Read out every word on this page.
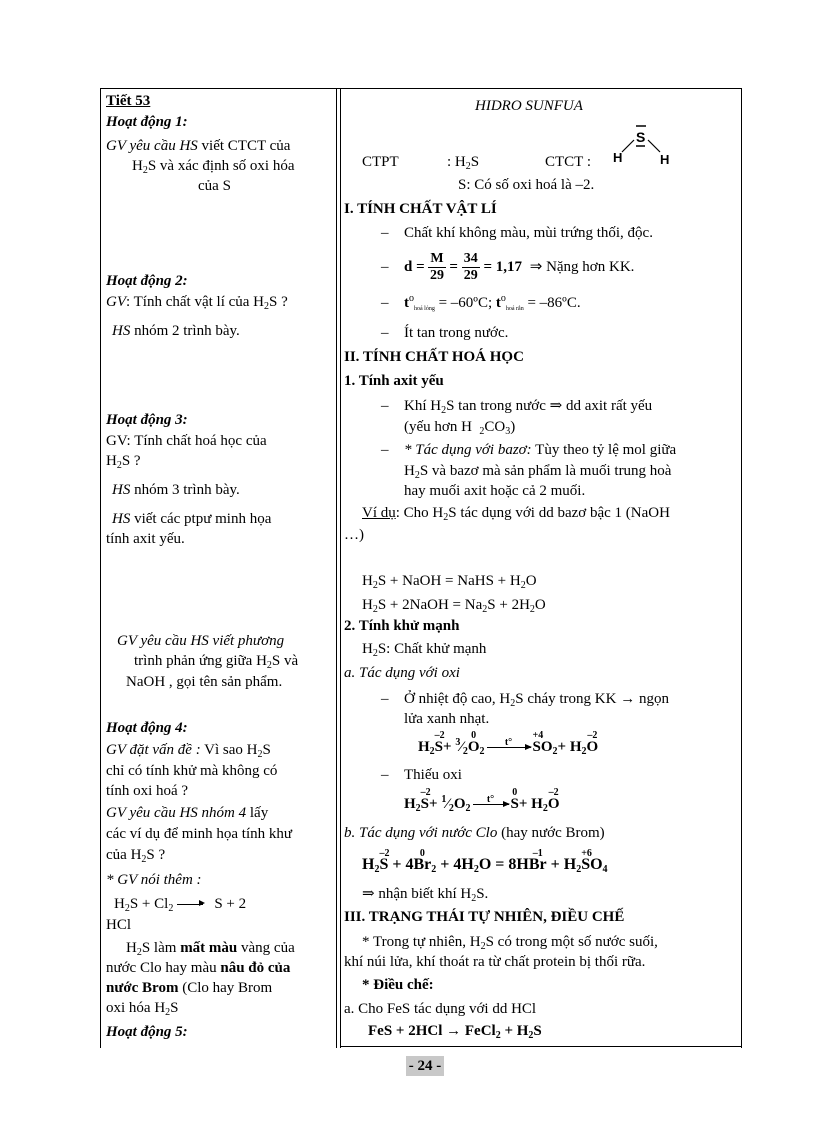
Tiết 53
Hoạt động 1:
GV yêu cầu HS viết CTCT của
$H_2S$ và xác định số oxi hóa
của S
Hoạt động 2:
GV: Tính chất vật lí của $H_2S$ ?
HS nhóm 2 trình bày.
Hoạt động 3:
GV: Tính chất hoá học của
$H_2S$ ?
HS nhóm 3 trình bày.
HS viết các ptpư minh họa
tính axit yếu.
GV yêu cầu HS viết phương
trình phản ứng giữa $H_2S$ và
NaOH , gọi tên sản phẩm.
Hoạt động 4:
GV đặt vấn đề : Vì sao $H_2S$
chỉ có tính khử mà không có
tính oxi hoá ?
GV yêu cầu HS nhóm 4 lấy
các ví dụ để minh họa tính khư
của $H_2S$ ?
* GV nói thêm :
$H_2S + Cl_2$	S + 2
HCl
$H_2S$ làm mất màu vàng của
nước Clo hay màu nâu đỏ của
nước Brom (Clo hay Brom
oxi hóa $H_2S$
Hoạt động 5:
HIDRO SUNFUA
CTPT	: $H_2S$	CTCT :
S
H	H
S: Có số oxi hoá là –2.
I. TÍNH CHẤT VẬT LÍ
– Chất khí không màu, mùi trứng thối, độc.
– $d = \frac{M}{29} = \frac{34}{29} = 1,17$ ⇒ Nặng hơn KK.
– $t^o_{hoá lỏng}$ = –60ºC; $t^o_{hoá rắn}$ = –86ºC.
– Ít tan trong nước.
II. TÍNH CHẤT HOÁ HỌC
1. Tính axit yếu
– Khí $H_2S$ tan trong nước ⇒ dd axit rất yếu
(yếu hơn H $_2CO_3$)
– * Tác dụng với bazơ: Tùy theo tỷ lệ mol giữa
$H_2S$ và bazơ mà sản phẩm là muối trung hoà
hay muối axit hoặc cả 2 muối.
Ví dụ: Cho $H_2S$ tác dụng với dd bazơ bậc 1 (NaOH
…)
$H_2S$ + NaOH = NaHS + $H_2O$
$H_2S$ + 2NaOH = $Na_2S + 2H_2O$
2. Tính khử mạnh
$H_2S$: Chất khử mạnh
a. Tác dụng với oxi
– Ở nhiệt độ cao, $H_2S$ cháy trong KK → ngọn
lửa xanh nhạt.
$H_2S$
–2
+ $^3⁄_2O$
0
$_2$
t°	S
+4
$O_2+ H_2O$
–2
– Thiếu oxi
$H_2S$
–2
+ $^1⁄_2O_2$
t°	S
0
+ $H_2O$
–2
b. Tác dụng với nước Clo (hay nước Brom)
$H_2S$
–2
+ 4Br
0
$_2 + 4H_2O = 8HBr$
–1
+ $H_2S$
+6
$O_4$
⇒ nhận biết khí $H_2S$.
III. TRẠNG THÁI TỰ NHIÊN, ĐIỀU CHẾ
* Trong tự nhiên, $H_2S$ có trong một số nước suối,
khí núi lửa, khí thoát ra từ chất protein bị thối rữa.
* Điều chế:
a. Cho FeS tác dụng với dd HCl
FeS + 2HCl → FeCl$_2$ + $H_2S$
- 24 -
